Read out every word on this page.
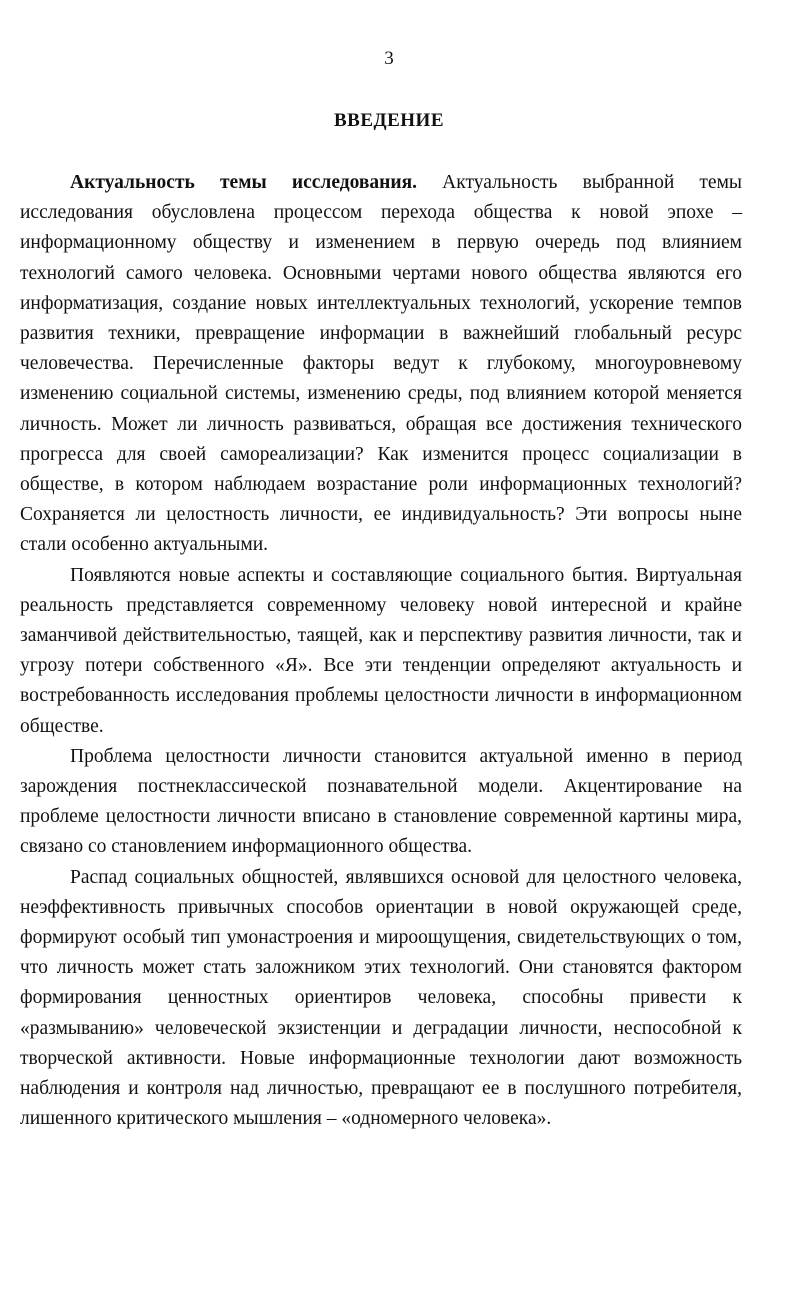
3
ВВЕДЕНИЕ

Актуальность темы исследования. Актуальность выбранной темы исследования обусловлена процессом перехода общества к новой эпохе – информационному обществу и изменением в первую очередь под влиянием технологий самого человека. Основными чертами нового общества являются его информатизация, создание новых интеллектуальных технологий, ускорение темпов развития техники, превращение информации в важнейший глобальный ресурс человечества. Перечисленные факторы ведут к глубокому, многоуровневому изменению социальной системы, изменению среды, под влиянием которой меняется личность. Может ли личность развиваться, обращая все достижения технического прогресса для своей самореализации? Как изменится процесс социализации в обществе, в котором наблюдаем возрастание роли информационных технологий? Сохраняется ли целостность личности, ее индивидуальность? Эти вопросы ныне стали особенно актуальными.

Появляются новые аспекты и составляющие социального бытия. Виртуальная реальность представляется современному человеку новой интересной и крайне заманчивой действительностью, таящей, как и перспективу развития личности, так и угрозу потери собственного «Я». Все эти тенденции определяют актуальность и востребованность исследования проблемы целостности личности в информационном обществе.

Проблема целостности личности становится актуальной именно в период зарождения постнеклассической познавательной модели. Акцентирование на проблеме целостности личности вписано в становление современной картины мира, связано со становлением информационного общества.

Распад социальных общностей, являвшихся основой для целостного человека, неэффективность привычных способов ориентации в новой окружающей среде, формируют особый тип умонастроения и мироощущения, свидетельствующих о том, что личность может стать заложником этих технологий. Они становятся фактором формирования ценностных ориентиров человека, способны привести к «размыванию» человеческой экзистенции и деградации личности, неспособной к творческой активности. Новые информационные технологии дают возможность наблюдения и контроля над личностью, превращают ее в послушного потребителя, лишенного критического мышления – «одномерного человека».
